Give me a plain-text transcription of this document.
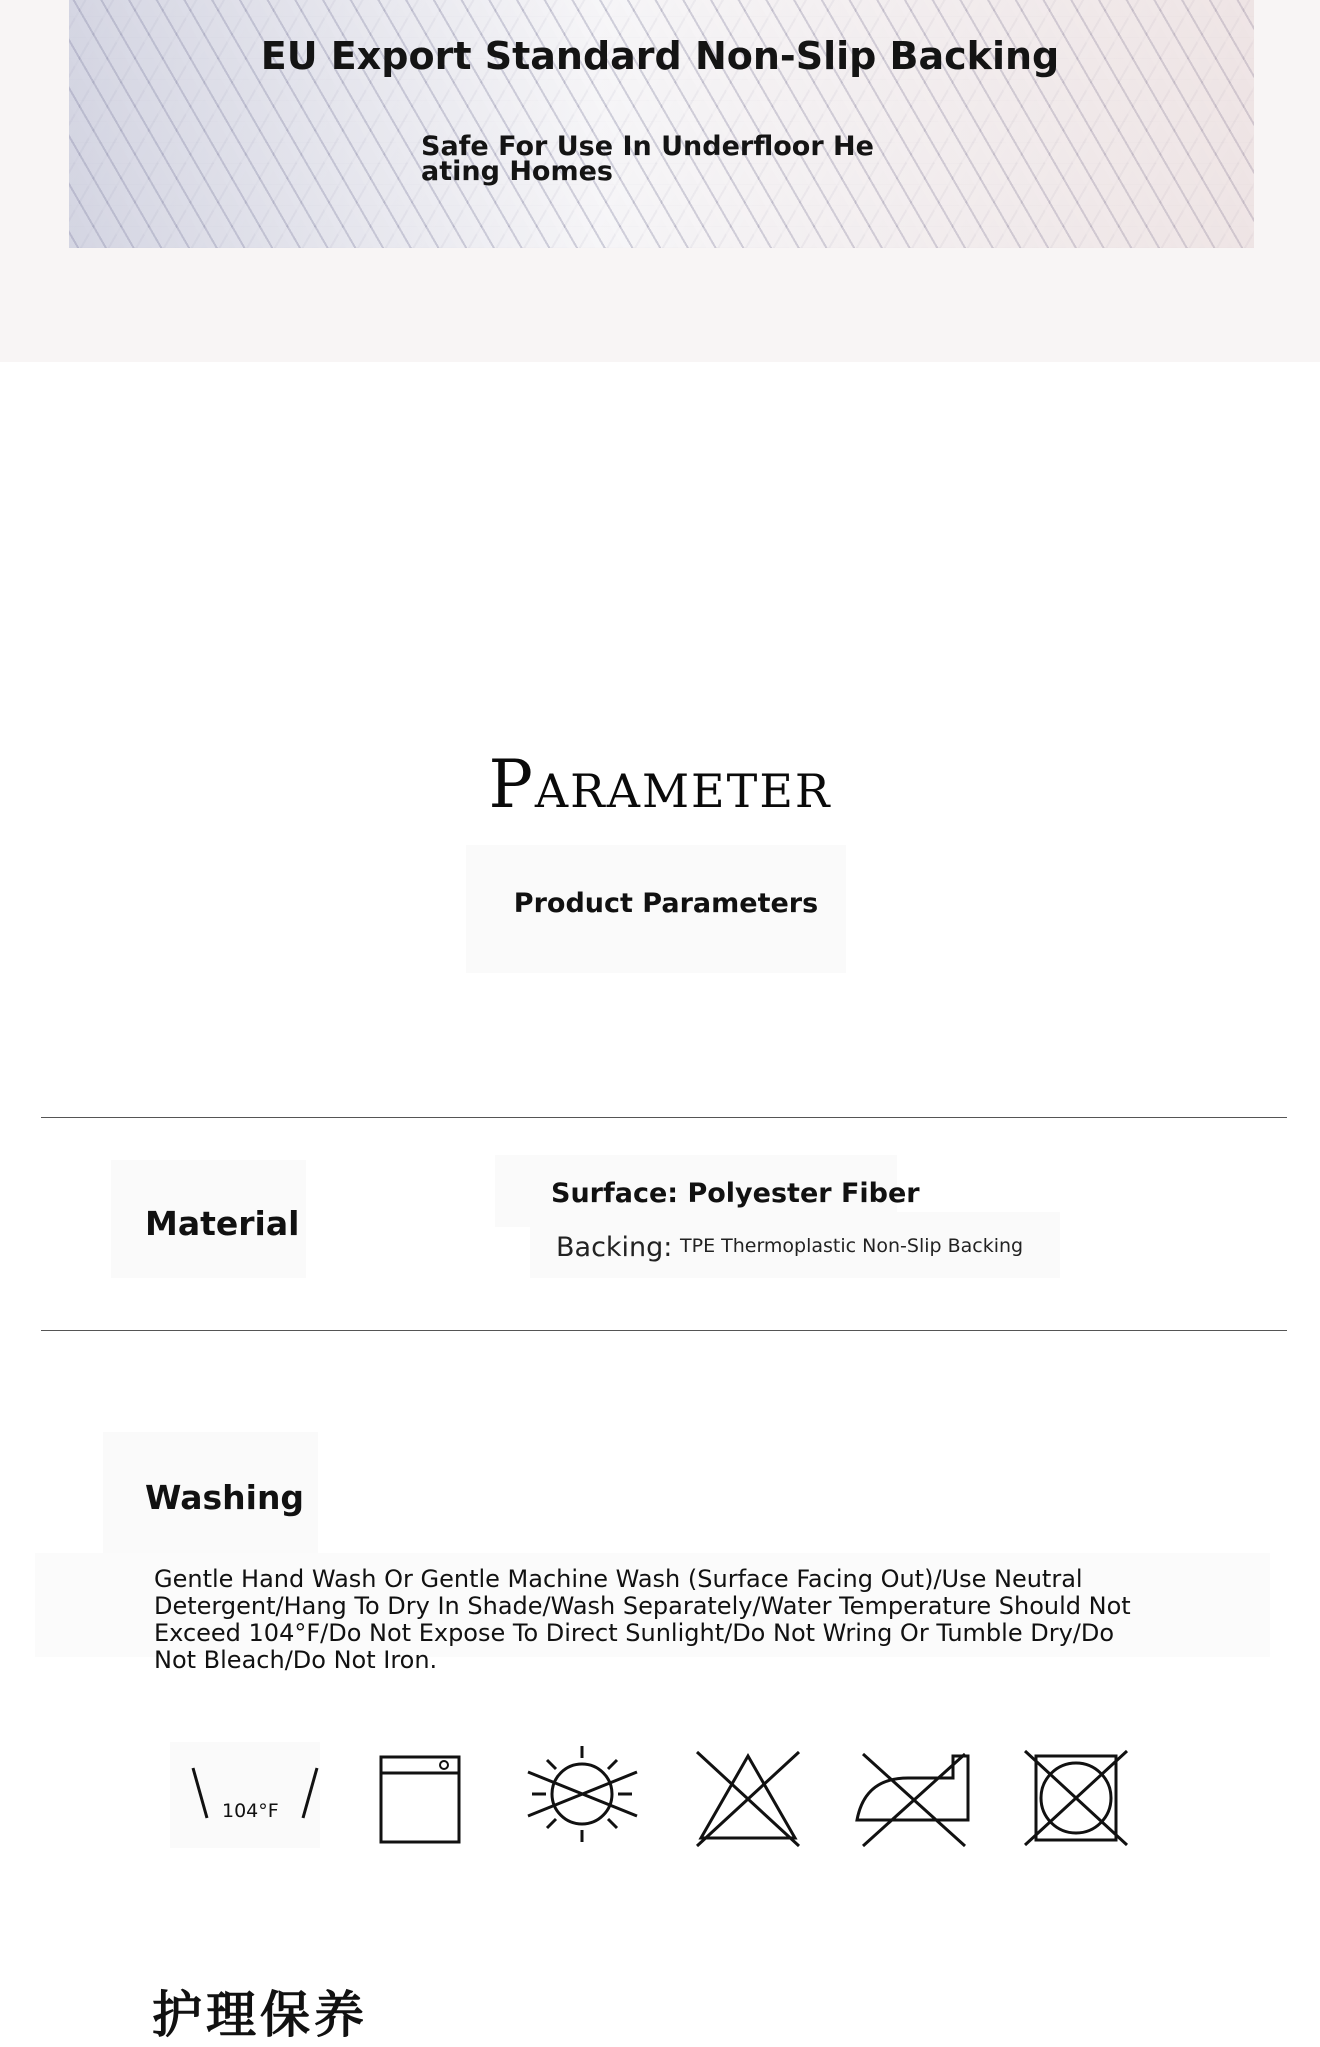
EU Export Standard Non-Slip Backing
Safe For Use In Underfloor Heating Homes
Parameter
Product Parameters
Material
Surface: Polyester Fiber
Backing: TPE Thermoplastic Non-Slip Backing
Washing
Gentle Hand Wash Or Gentle Machine Wash (Surface Facing Out)/Use Neutral Detergent/Hang To Dry In Shade/Wash Separately/Water Temperature Should Not Exceed 104°F/Do Not Expose To Direct Sunlight/Do Not Wring Or Tumble Dry/Do Not Bleach/Do Not Iron.
104°F
护理保养
